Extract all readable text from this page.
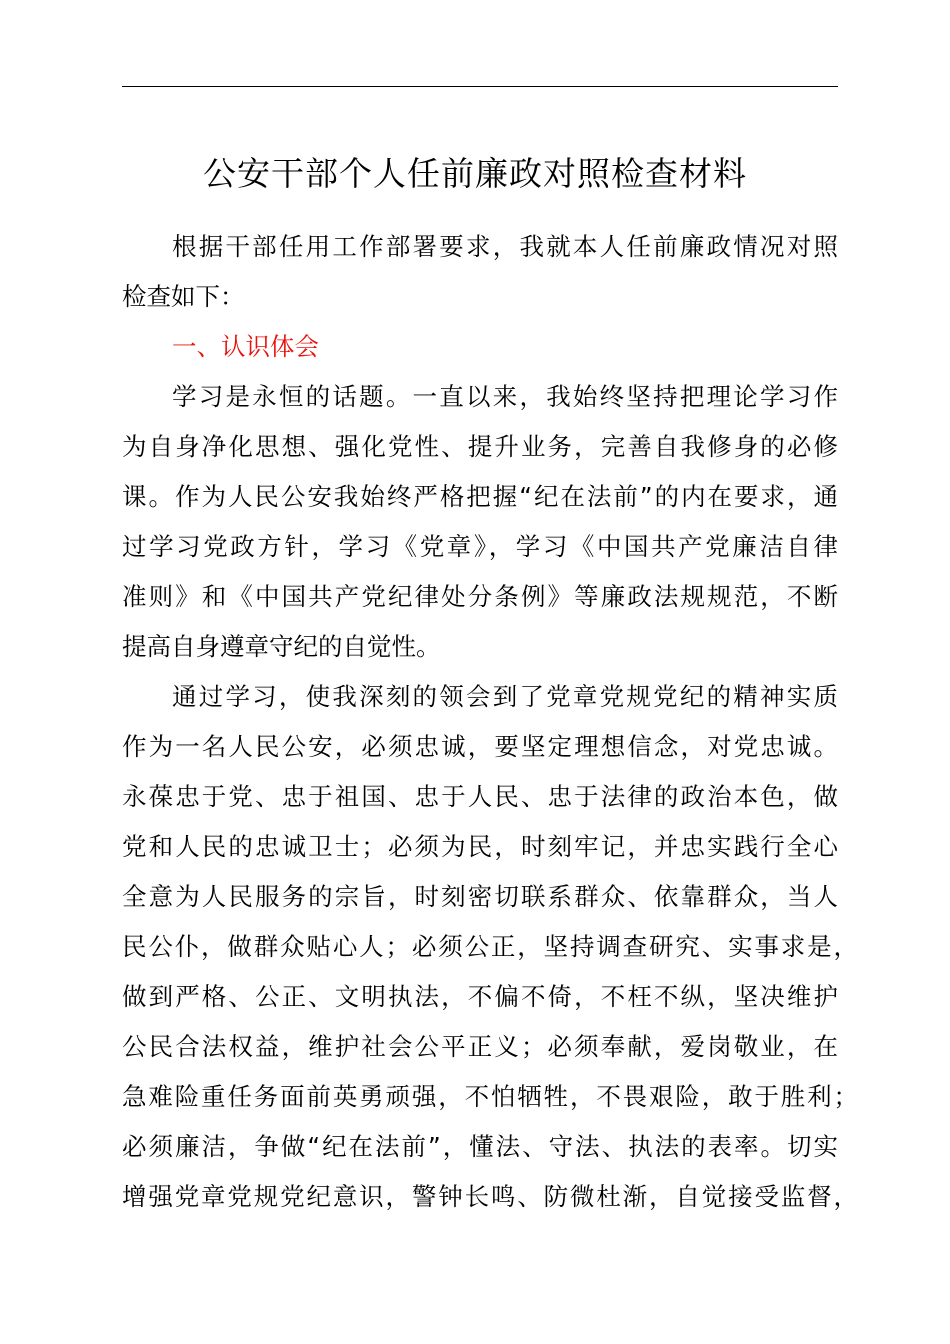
公安干部个人任前廉政对照检查材料
根据干部任用工作部署要求，我就本人任前廉政情况对照
检查如下：
一、认识体会
学习是永恒的话题。一直以来，我始终坚持把理论学习作
为自身净化思想、强化党性、提升业务，完善自我修身的必修
课。作为人民公安我始终严格把握“纪在法前”的内在要求，通
过学习党政方针，学习《党章》，学习《中国共产党廉洁自律
准则》和《中国共产党纪律处分条例》等廉政法规规范，不断
提高自身遵章守纪的自觉性。
通过学习，使我深刻的领会到了党章党规党纪的精神实质
作为一名人民公安，必须忠诚，要坚定理想信念，对党忠诚。
永葆忠于党、忠于祖国、忠于人民、忠于法律的政治本色，做
党和人民的忠诚卫士；必须为民，时刻牢记，并忠实践行全心
全意为人民服务的宗旨，时刻密切联系群众、依靠群众，当人
民公仆，做群众贴心人；必须公正，坚持调查研究、实事求是，
做到严格、公正、文明执法，不偏不倚，不枉不纵，坚决维护
公民合法权益，维护社会公平正义；必须奉献，爱岗敬业，在
急难险重任务面前英勇顽强，不怕牺牲，不畏艰险，敢于胜利；
必须廉洁，争做“纪在法前”，懂法、守法、执法的表率。切实
增强党章党规党纪意识，警钟长鸣、防微杜渐，自觉接受监督，
